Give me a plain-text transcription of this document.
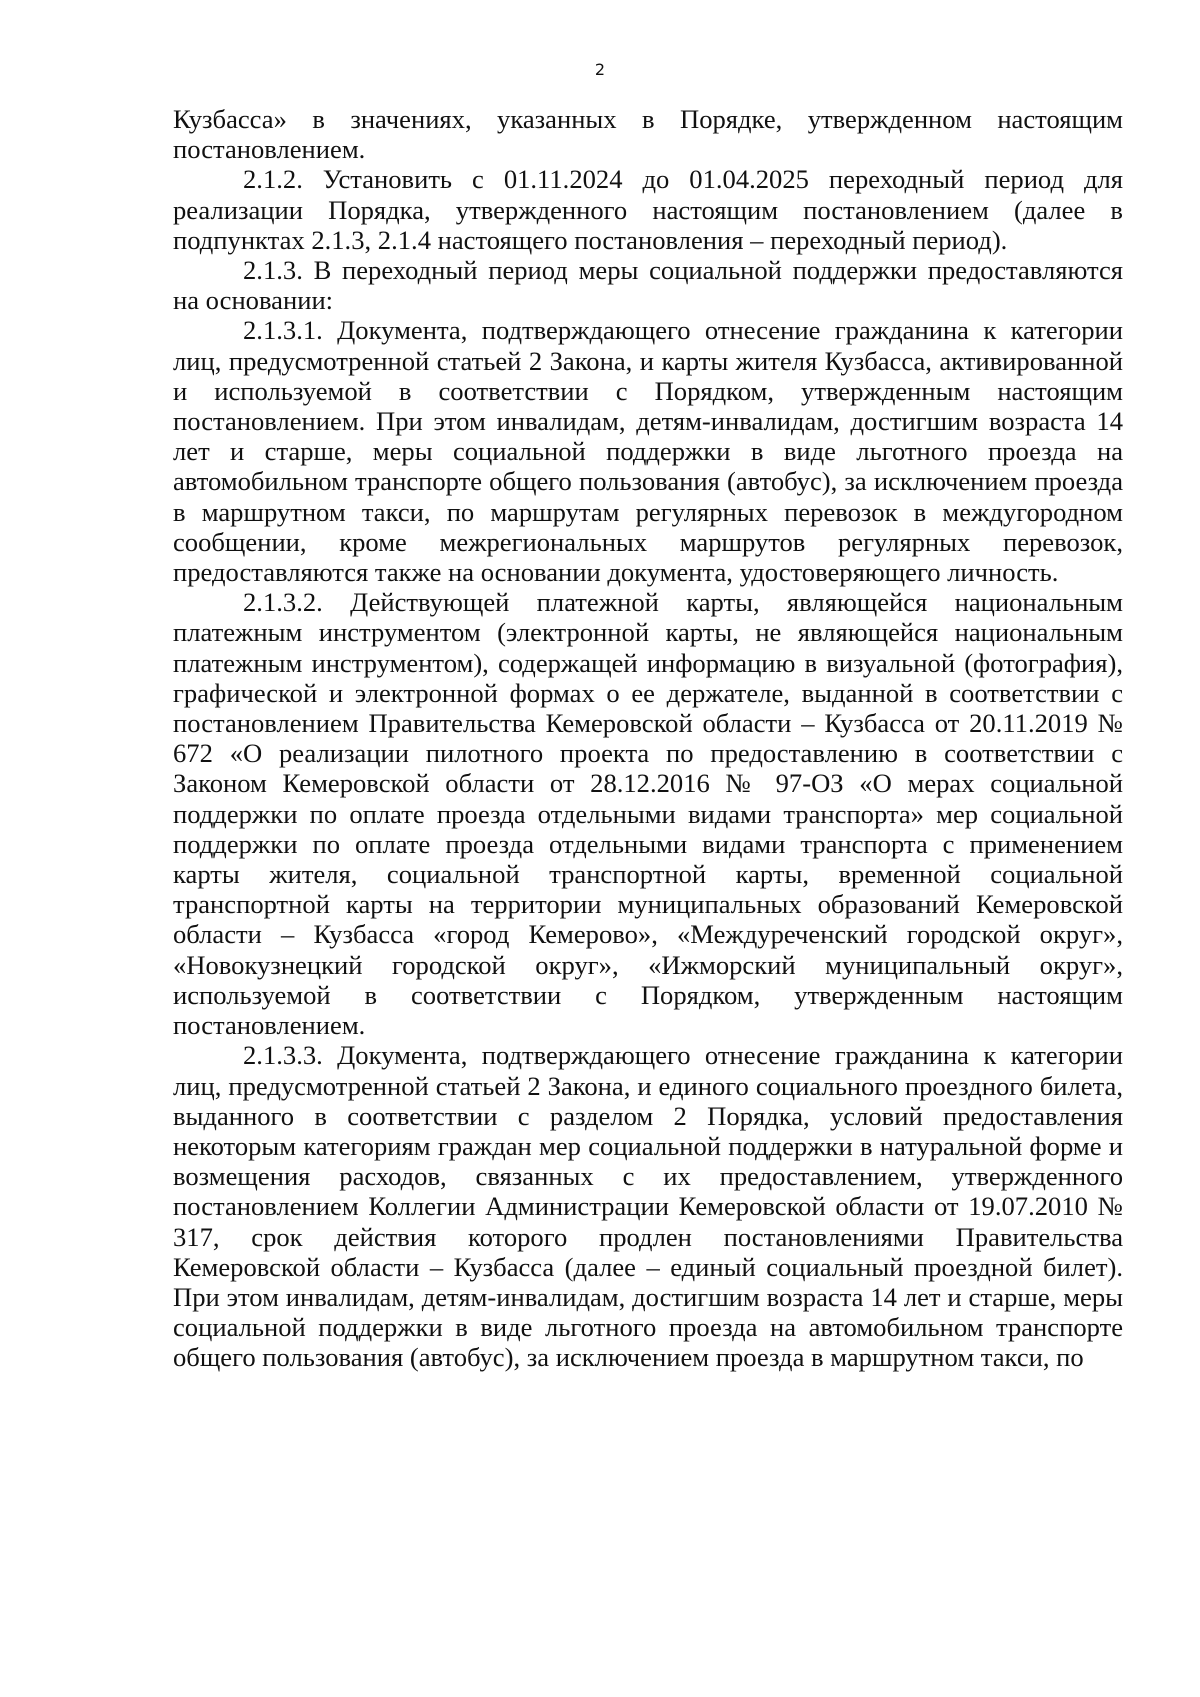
2

Кузбасса» в значениях, указанных в Порядке, утвержденном настоящим постановлением.

2.1.2. Установить с 01.11.2024 до 01.04.2025 переходный период для реализации Порядка, утвержденного настоящим постановлением (далее в подпунктах 2.1.3, 2.1.4 настоящего постановления – переходный период).

2.1.3. В переходный период меры социальной поддержки предоставляются на основании:

2.1.3.1. Документа, подтверждающего отнесение гражданина к категории лиц, предусмотренной статьей 2 Закона, и карты жителя Кузбасса, активированной и используемой в соответствии с Порядком, утвержденным настоящим постановлением. При этом инвалидам, детям-инвалидам, достигшим возраста 14 лет и старше, меры социальной поддержки в виде льготного проезда на автомобильном транспорте общего пользования (автобус), за исключением проезда в маршрутном такси, по маршрутам регулярных перевозок в междугородном сообщении, кроме межрегиональных маршрутов регулярных перевозок, предоставляются также на основании документа, удостоверяющего личность.

2.1.3.2. Действующей платежной карты, являющейся национальным платежным инструментом (электронной карты, не являющейся национальным платежным инструментом), содержащей информацию в визуальной (фотография), графической и электронной формах о ее держателе, выданной в соответствии с постановлением Правительства Кемеровской области – Кузбасса от 20.11.2019 № 672 «О реализации пилотного проекта по предоставлению в соответствии с Законом Кемеровской области от 28.12.2016 № 97-ОЗ «О мерах социальной поддержки по оплате проезда отдельными видами транспорта» мер социальной поддержки по оплате проезда отдельными видами транспорта с применением карты жителя, социальной транспортной карты, временной социальной транспортной карты на территории муниципальных образований Кемеровской области – Кузбасса «город Кемерово», «Междуреченский городской округ», «Новокузнецкий городской округ», «Ижморский муниципальный округ», используемой в соответствии с Порядком, утвержденным настоящим постановлением.

2.1.3.3. Документа, подтверждающего отнесение гражданина к категории лиц, предусмотренной статьей 2 Закона, и единого социального проездного билета, выданного в соответствии с разделом 2 Порядка, условий предоставления некоторым категориям граждан мер социальной поддержки в натуральной форме и возмещения расходов, связанных с их предоставлением, утвержденного постановлением Коллегии Администрации Кемеровской области от 19.07.2010 № 317, срок действия которого продлен постановлениями Правительства Кемеровской области – Кузбасса (далее – единый социальный проездной билет). При этом инвалидам, детям-инвалидам, достигшим возраста 14 лет и старше, меры социальной поддержки в виде льготного проезда на автомобильном транспорте общего пользования (автобус), за исключением проезда в маршрутном такси, по
